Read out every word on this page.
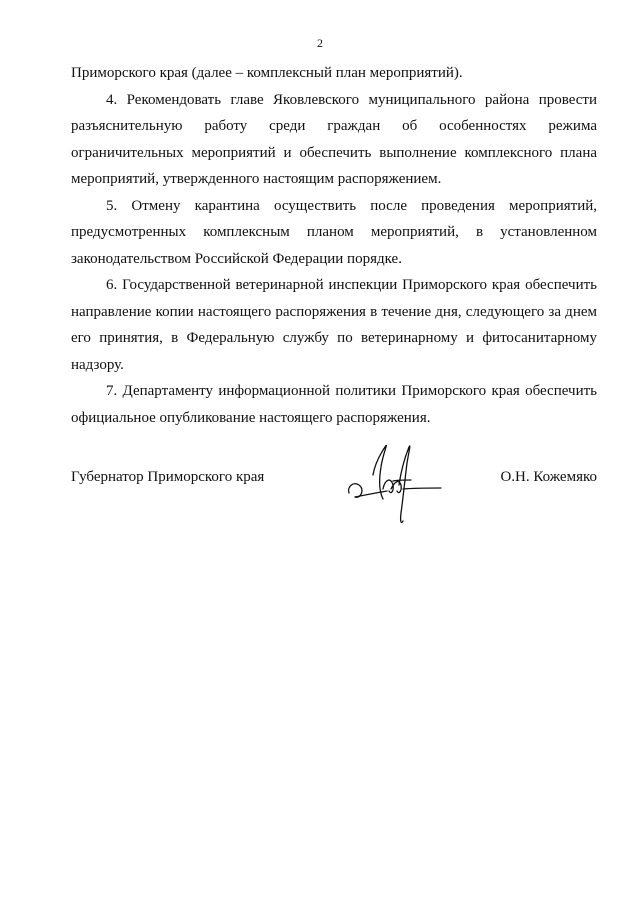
2

Приморского края (далее – комплексный план мероприятий).

4. Рекомендовать главе Яковлевского муниципального района провести разъяснительную работу среди граждан об особенностях режима ограничительных мероприятий и обеспечить выполнение комплексного плана мероприятий, утвержденного настоящим распоряжением.

5. Отмену карантина осуществить после проведения мероприятий, предусмотренных комплексным планом мероприятий, в установленном законодательством Российской Федерации порядке.

6. Государственной ветеринарной инспекции Приморского края обеспечить направление копии настоящего распоряжения в течение дня, следующего за днем его принятия, в Федеральную службу по ветеринарному и фитосанитарному надзору.

7. Департаменту информационной политики Приморского края обеспечить официальное опубликование настоящего распоряжения.

Губернатор Приморского края	О.Н. Кожемяко
